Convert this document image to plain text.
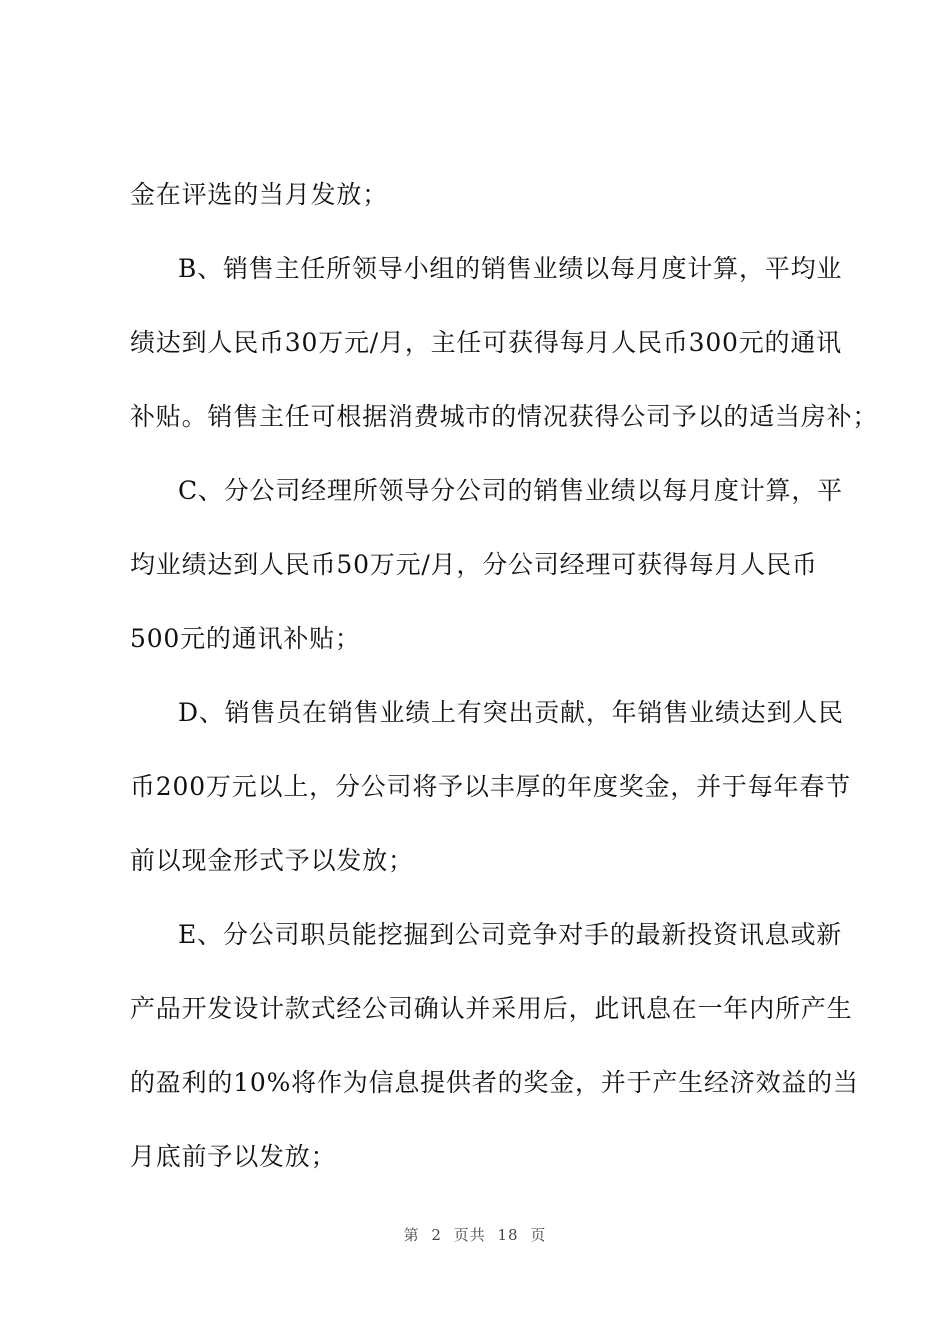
金在评选的当月发放；
B、销售主任所领导小组的销售业绩以每月度计算，平均业
绩达到人民币30万元/月，主任可获得每月人民币300元的通讯
补贴。销售主任可根据消费城市的情况获得公司予以的适当房补；
C、分公司经理所领导分公司的销售业绩以每月度计算，平
均业绩达到人民币50万元/月，分公司经理可获得每月人民币
500元的通讯补贴；
D、销售员在销售业绩上有突出贡献，年销售业绩达到人民
币200万元以上，分公司将予以丰厚的年度奖金，并于每年春节
前以现金形式予以发放；
E、分公司职员能挖掘到公司竞争对手的最新投资讯息或新
产品开发设计款式经公司确认并采用后，此讯息在一年内所产生
的盈利的10%将作为信息提供者的奖金，并于产生经济效益的当
月底前予以发放；
第 2 页共 18 页
